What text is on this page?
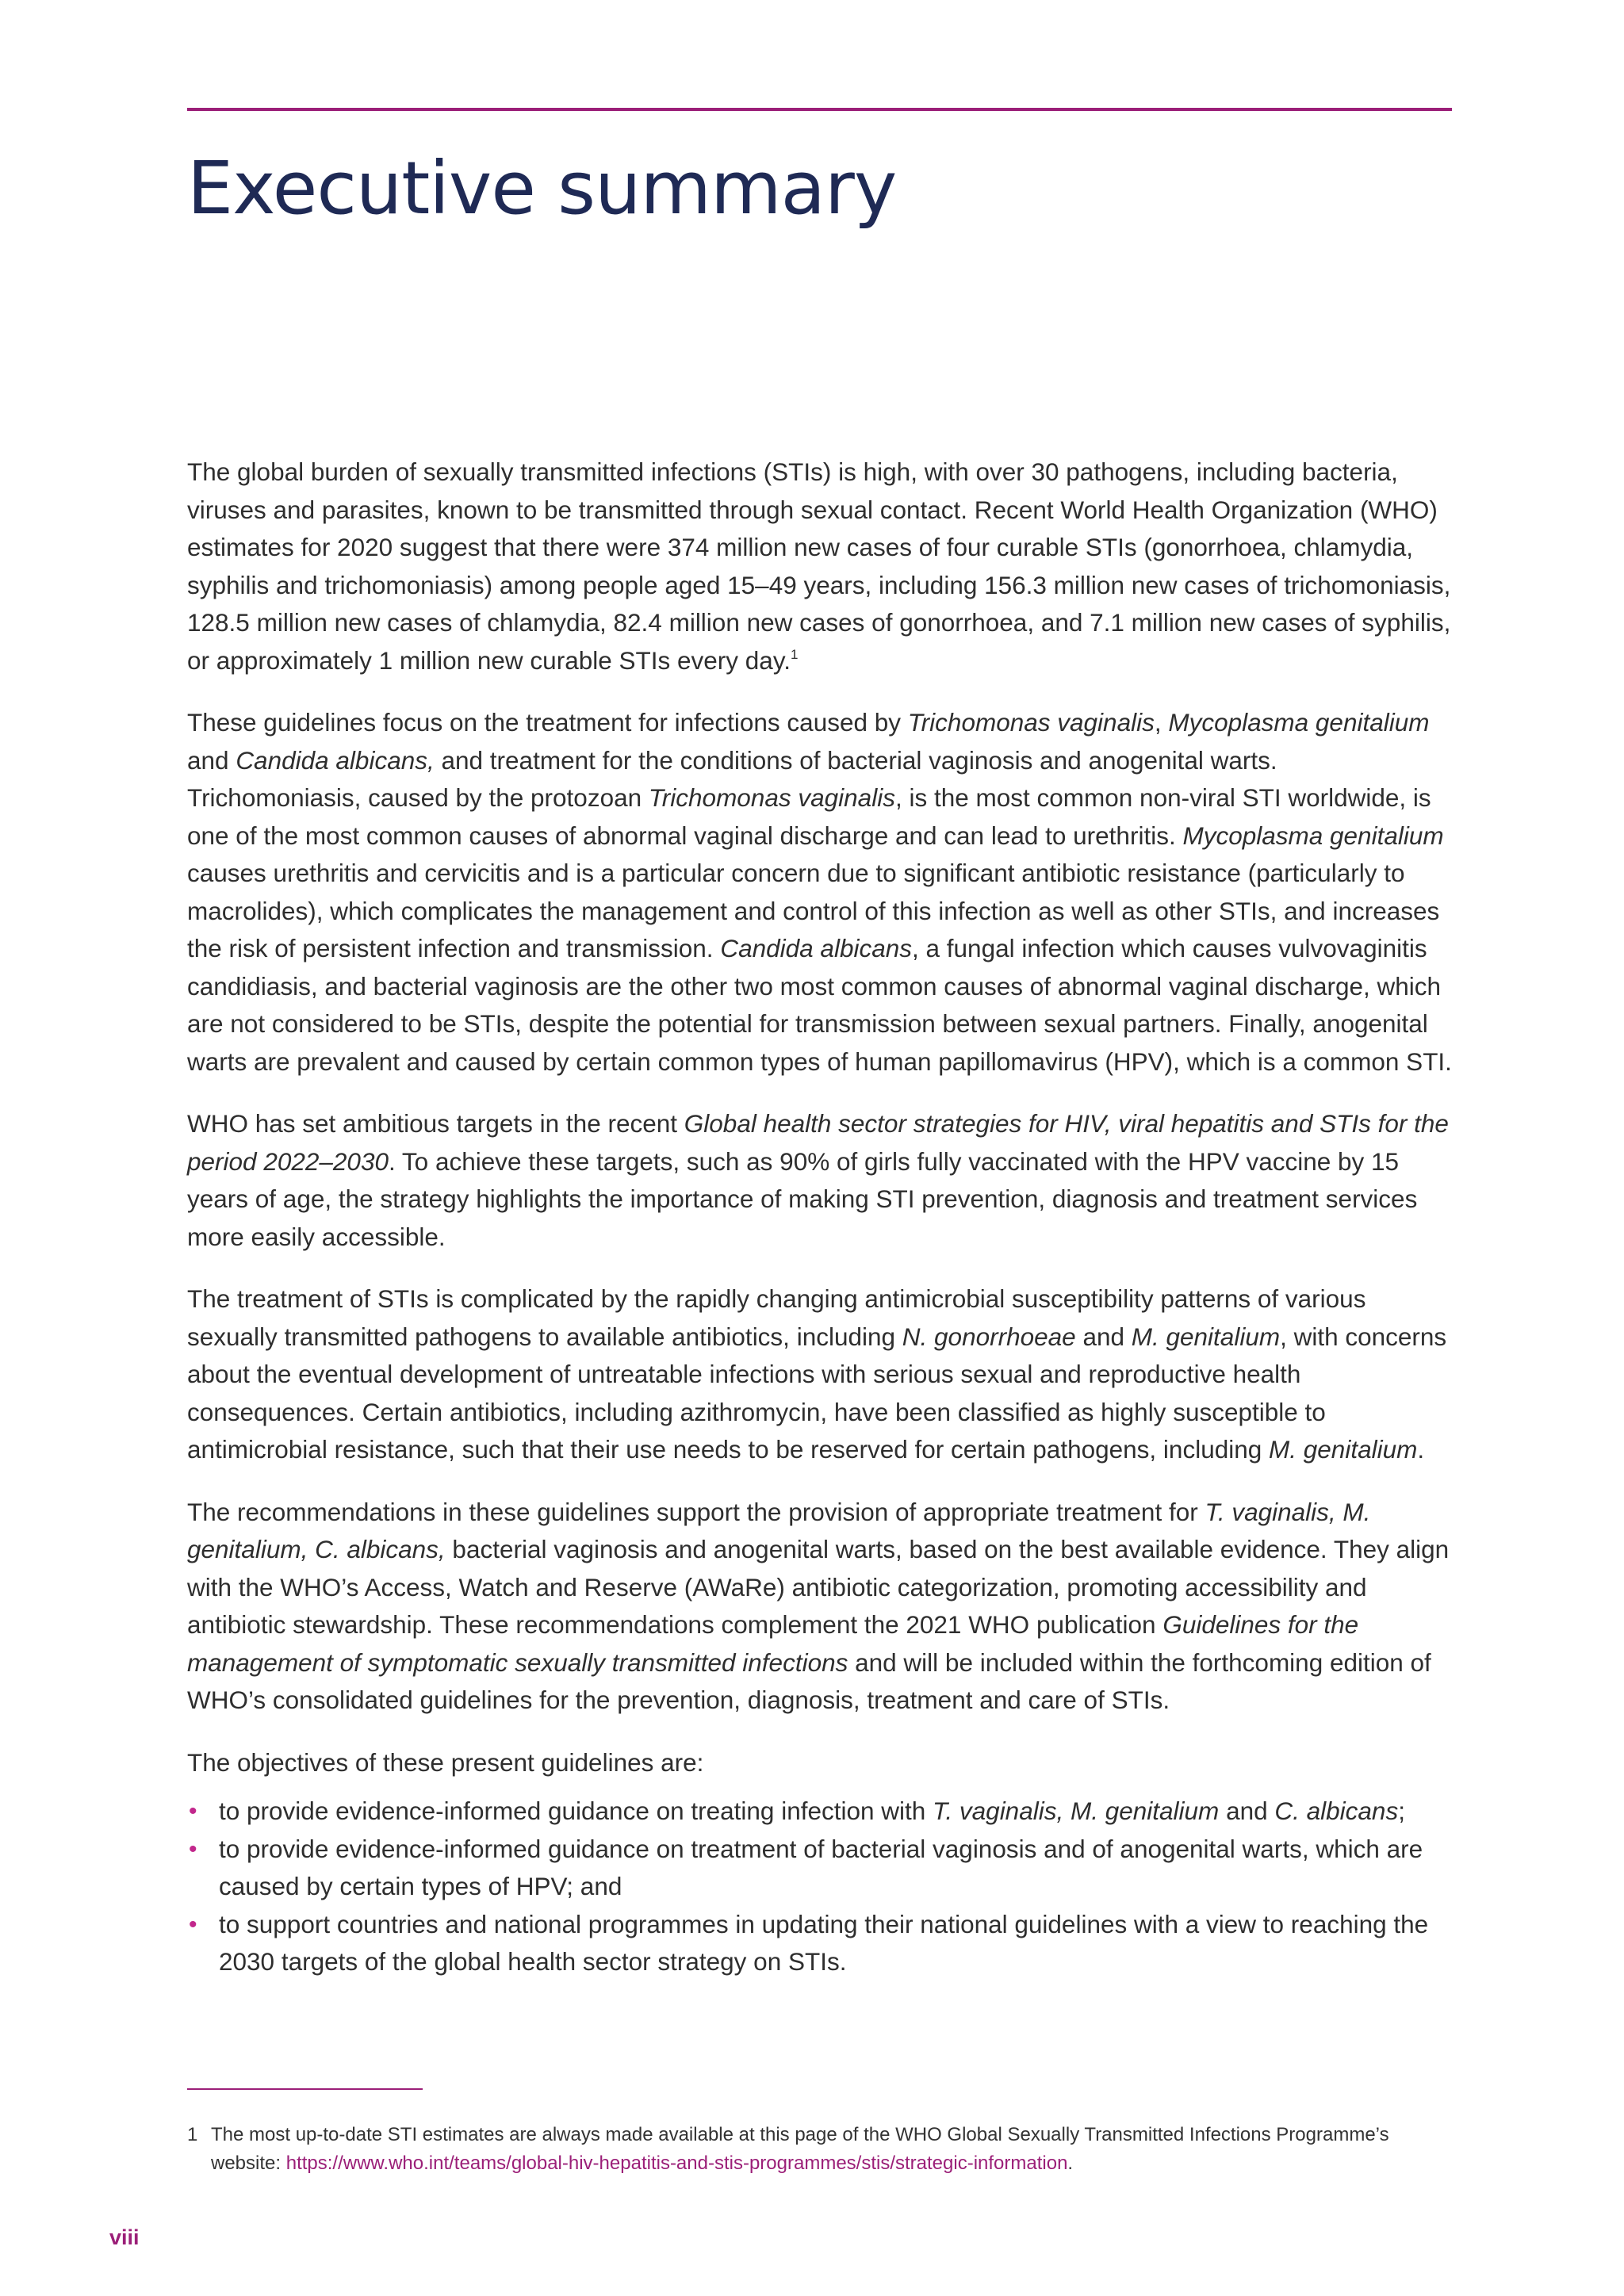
Executive summary

The global burden of sexually transmitted infections (STIs) is high, with over 30 pathogens, including bacteria, viruses and parasites, known to be transmitted through sexual contact. Recent World Health Organization (WHO) estimates for 2020 suggest that there were 374 million new cases of four curable STIs (gonorrhoea, chlamydia, syphilis and trichomoniasis) among people aged 15–49 years, including 156.3 million new cases of trichomoniasis, 128.5 million new cases of chlamydia, 82.4 million new cases of gonorrhoea, and 7.1 million new cases of syphilis, or approximately 1 million new curable STIs every day.$^1$

These guidelines focus on the treatment for infections caused by Trichomonas vaginalis, Mycoplasma genitalium and Candida albicans, and treatment for the conditions of bacterial vaginosis and anogenital warts. Trichomoniasis, caused by the protozoan Trichomonas vaginalis, is the most common non-viral STI worldwide, is one of the most common causes of abnormal vaginal discharge and can lead to urethritis. Mycoplasma genitalium causes urethritis and cervicitis and is a particular concern due to significant antibiotic resistance (particularly to macrolides), which complicates the management and control of this infection as well as other STIs, and increases the risk of persistent infection and transmission. Candida albicans, a fungal infection which causes vulvovaginitis candidiasis, and bacterial vaginosis are the other two most common causes of abnormal vaginal discharge, which are not considered to be STIs, despite the potential for transmission between sexual partners. Finally, anogenital warts are prevalent and caused by certain common types of human papillomavirus (HPV), which is a common STI.

WHO has set ambitious targets in the recent Global health sector strategies for HIV, viral hepatitis and STIs for the period 2022–2030. To achieve these targets, such as 90% of girls fully vaccinated with the HPV vaccine by 15 years of age, the strategy highlights the importance of making STI prevention, diagnosis and treatment services more easily accessible.

The treatment of STIs is complicated by the rapidly changing antimicrobial susceptibility patterns of various sexually transmitted pathogens to available antibiotics, including N. gonorrhoeae and M. genitalium, with concerns about the eventual development of untreatable infections with serious sexual and reproductive health consequences. Certain antibiotics, including azithromycin, have been classified as highly susceptible to antimicrobial resistance, such that their use needs to be reserved for certain pathogens, including M. genitalium.

The recommendations in these guidelines support the provision of appropriate treatment for T. vaginalis, M. genitalium, C. albicans, bacterial vaginosis and anogenital warts, based on the best available evidence. They align with the WHO’s Access, Watch and Reserve (AWaRe) antibiotic categorization, promoting accessibility and antibiotic stewardship. These recommendations complement the 2021 WHO publication Guidelines for the management of symptomatic sexually transmitted infections and will be included within the forthcoming edition of WHO’s consolidated guidelines for the prevention, diagnosis, treatment and care of STIs.

The objectives of these present guidelines are:

• to provide evidence-informed guidance on treating infection with T. vaginalis, M. genitalium and C. albicans;
• to provide evidence-informed guidance on treatment of bacterial vaginosis and of anogenital warts, which are caused by certain types of HPV; and
• to support countries and national programmes in updating their national guidelines with a view to reaching the 2030 targets of the global health sector strategy on STIs.
1 The most up-to-date STI estimates are always made available at this page of the WHO Global Sexually Transmitted Infections Programme’s website: https://www.who.int/teams/global-hiv-hepatitis-and-stis-programmes/stis/strategic-information.
viii
